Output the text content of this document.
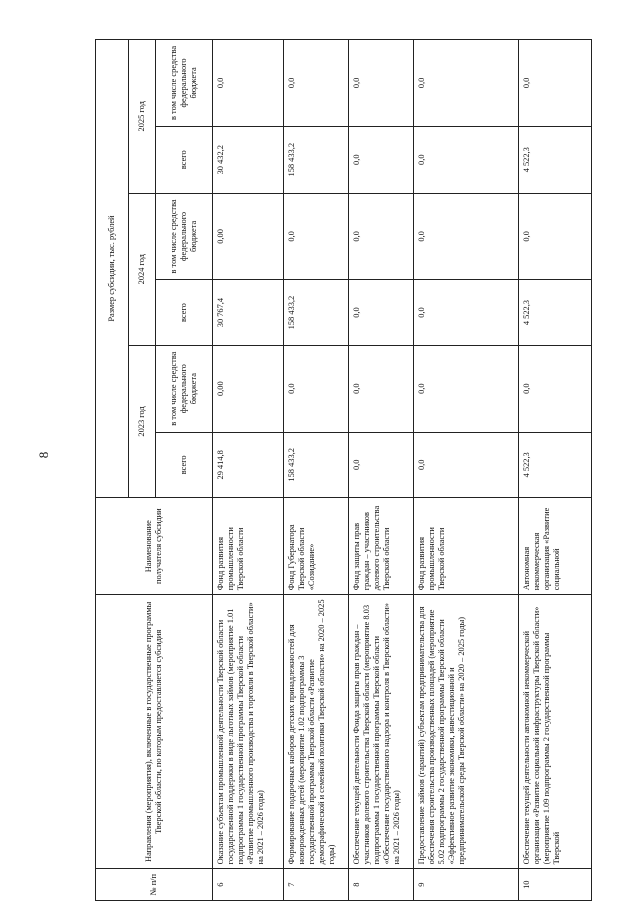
8
№ п/п	Направления (мероприятия), включенные в государственные программы Тверской области, по которым предоставляется субсидия	Наименование получателя субсидии	Размер субсидии, тыс. рублей					
			2023 год		2024 год		2025 год	
			всего	в том числе средства федерального бюджета	всего	в том числе средства федерального бюджета	всего	в том числе средства федерального бюджета
6	Оказание субъектам промышленной деятельности Тверской области государственной поддержки в виде льготных займов (мероприятие 1.01 подпрограммы 1 государственной программы Тверской области «Развитие промышленного производства и торговли в Тверской области» на 2021 – 2026 годы)	Фонд развития промышленности Тверской области	29 414,8	0,00	30 767,4	0,00	30 432,2	0,0
7	Формирование подарочных наборов детских принадлежностей для новорожденных детей (мероприятие 1.02 подпрограммы 3 государственной программы Тверской области «Развитие демографической и семейной политики Тверской области» на 2020 – 2025 годы)	Фонд Губернатора Тверской области «Созидание»	158 433,2	0,0	158 433,2	0,0	158 433,2	0,0
8	Обеспечение текущей деятельности Фонда защиты прав граждан – участников долевого строительства Тверской области (мероприятие 8.03 подпрограммы 1 государственной программы Тверской области «Обеспечение государственного надзора и контроля в Тверской области» на 2021 – 2026 годы)	Фонд защиты прав граждан – участников долевого строительства Тверской области	0,0	0,0	0,0	0,0	0,0	0,0
9	Предоставление займов (гарантий) субъектам предпринимательства для обеспечения строительства производственных площадей (мероприятие 5.02 подпрограммы 2 государственной программы Тверской области «Эффективное развитие экономики, инвестиционной и предпринимательской среды Тверской области» на 2020 – 2025 годы)	Фонд развития промышленности Тверской области	0,0	0,0	0,0	0,0	0,0	0,0
10	Обеспечение текущей деятельности автономной некоммерческой организации «Развитие социальной инфраструктуры Тверской области» (мероприятие 1.09 подпрограммы 2 государственной программы Тверской	Автономная некоммерческая организация «Развитие социальной	4 522,3	0,0	4 522,3	0,0	4 522,3	0,0
